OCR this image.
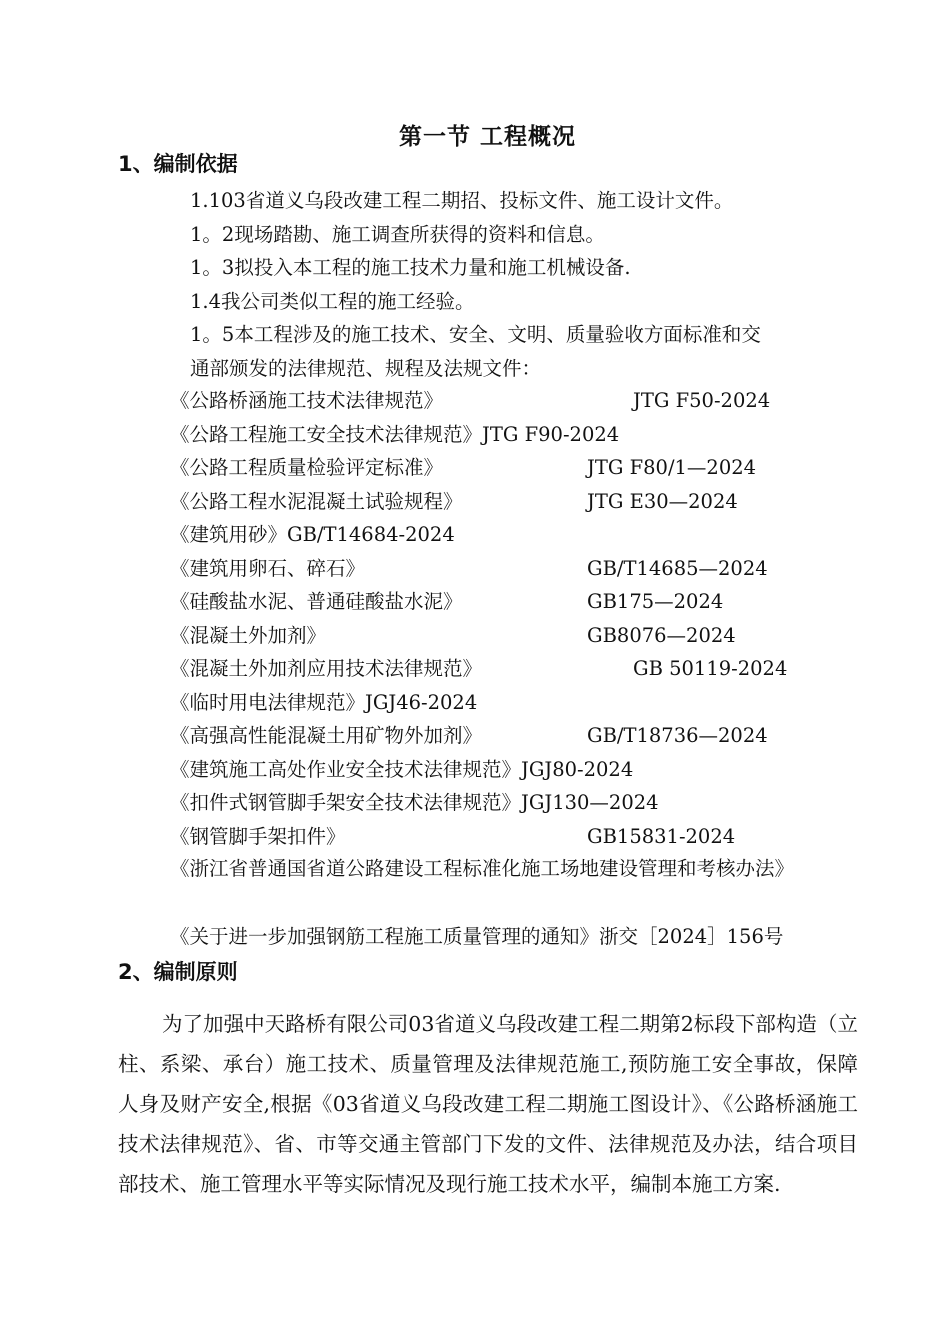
第一节 工程概况
1、编制依据
1.103省道义乌段改建工程二期招、投标文件、施工设计文件。
1。2现场踏勘、施工调查所获得的资料和信息。
1。3拟投入本工程的施工技术力量和施工机械设备.
1.4我公司类似工程的施工经验。
1。5本工程涉及的施工技术、安全、文明、质量验收方面标准和交
通部颁发的法律规范、规程及法规文件：
《公路桥涵施工技术法律规范》	JTG F50-2024
《公路工程施工安全技术法律规范》JTG F90-2024
《公路工程质量检验评定标准》	JTG F80/1—2024
《公路工程水泥混凝土试验规程》	JTG E30—2024
《建筑用砂》GB/T14684-2024
《建筑用卵石、碎石》	GB/T14685—2024
《硅酸盐水泥、普通硅酸盐水泥》	GB175—2024
《混凝土外加剂》	GB8076—2024
《混凝土外加剂应用技术法律规范》	GB 50119-2024
《临时用电法律规范》JGJ46-2024
《高强高性能混凝土用矿物外加剂》	GB/T18736—2024
《建筑施工高处作业安全技术法律规范》JGJ80-2024
《扣件式钢管脚手架安全技术法律规范》JGJ130—2024
《钢管脚手架扣件》	GB15831-2024
《浙江省普通国省道公路建设工程标准化施工场地建设管理和考核办法》
《关于进一步加强钢筋工程施工质量管理的通知》浙交［2024］156号
2、编制原则
为了加强中天路桥有限公司03省道义乌段改建工程二期第2标段下部构造（立柱、系梁、承台）施工技术、质量管理及法律规范施工,预防施工安全事故，保障人身及财产安全,根据《03省道义乌段改建工程二期施工图设计》、《公路桥涵施工技术法律规范》、省、市等交通主管部门下发的文件、法律规范及办法，结合项目部技术、施工管理水平等实际情况及现行施工技术水平，编制本施工方案.
